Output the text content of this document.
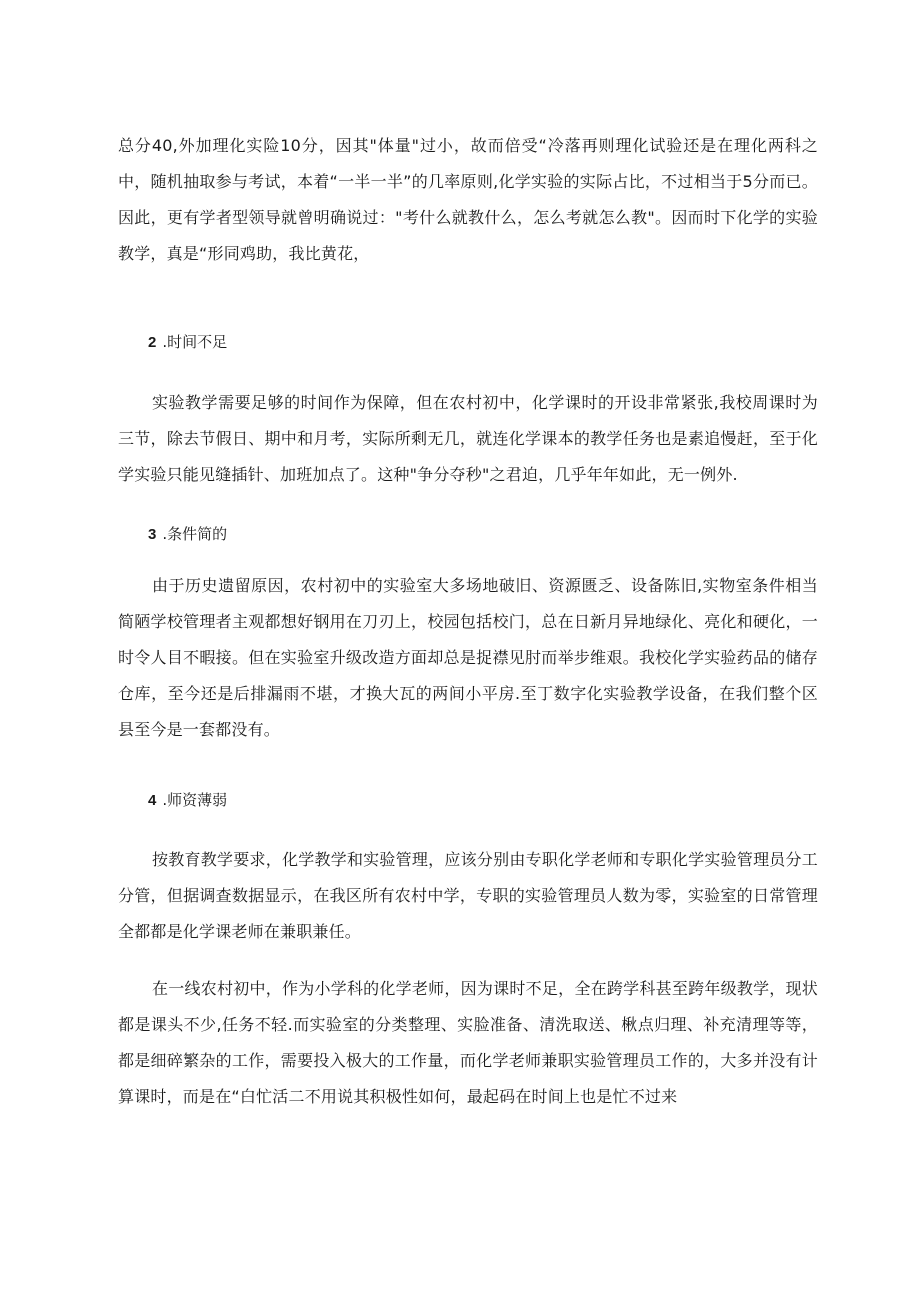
总分40,外加理化实险10分，因其"体量"过小，故而倍受“冷落再则理化试验还是在理化两科之中，随机抽取参与考试，本着“一半一半”的几率原则,化学实验的实际占比，不过相当于5分而已。因此，更有学者型领导就曾明确说过："考什么就教什么，怎么考就怎么教"。因而时下化学的实验教学，真是“形同鸡助，我比黄花，

2 .时间不足

实验教学需要足够的时间作为保障，但在农村初中，化学课时的开设非常紧张,我校周课时为三节，除去节假日、期中和月考，实际所剩无几，就连化学课本的教学任务也是素追慢赶，至于化学实验只能见缝插针、加班加点了。这种"争分夺秒"之君迫，几乎年年如此，无一例外.

3 .条件简的

由于历史遗留原因，农村初中的实验室大多场地破旧、资源匮乏、设备陈旧,实物室条件相当简陋学校管理者主观都想好钢用在刀刃上，校园包括校门，总在日新月异地绿化、亮化和硬化，一时令人目不暇接。但在实验室升级改造方面却总是捉襟见肘而举步维艰。我校化学实验药品的储存仓库，至今还是后排漏雨不堪，才换大瓦的两间小平房.至丁数字化实验教学设备，在我们整个区县至今是一套都没有。

4 .师资薄弱

按教育教学要求，化学教学和实验管理，应该分别由专职化学老师和专职化学实验管理员分工分管，但据调查数据显示，在我区所有农村中学，专职的实验管理员人数为零，实验室的日常管理全都都是化学课老师在兼职兼任。

在一线农村初中，作为小学科的化学老师，因为课时不足，全在跨学科甚至跨年级教学，现状都是课头不少,任务不轻.而实验室的分类整理、实脸准备、清洗取送、楸点归理、补充清理等等，都是细碎繁杂的工作，需要投入极大的工作量，而化学老师兼职实验管理员工作的，大多并没有计算课时，而是在“白忙活二不用说其积极性如何，最起码在时间上也是忙不过来
